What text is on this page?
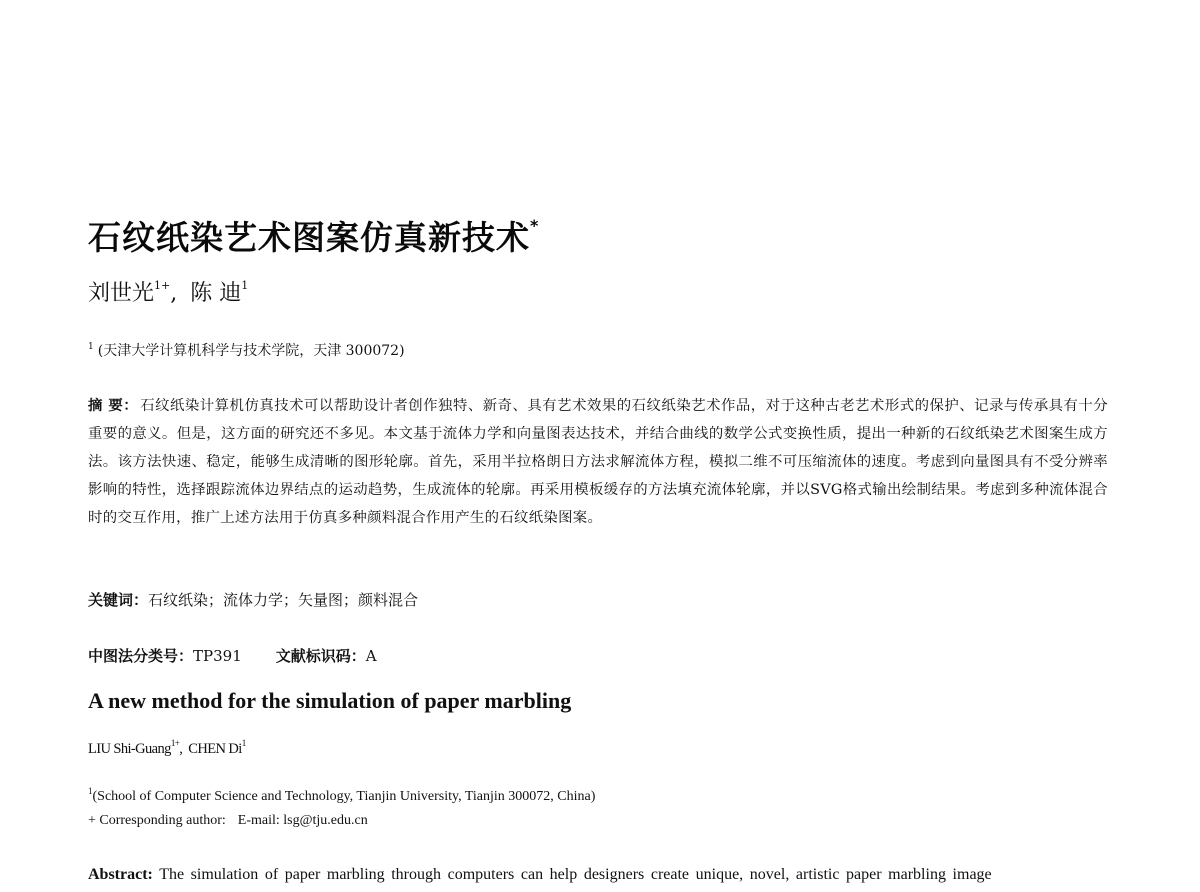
石纹纸染艺术图案仿真新技术*
刘世光$^{1+}$, 陈 迪$^1$
$^1$ (天津大学计算机科学与技术学院，天津 300072)
摘 要： 石纹纸染计算机仿真技术可以帮助设计者创作独特、新奇、具有艺术效果的石纹纸染艺术作品，对于这种古老艺术形式的保护、记录与传承具有十分重要的意义。但是，这方面的研究还不多见。本文基于流体力学和向量图表达技术，并结合曲线的数学公式变换性质，提出一种新的石纹纸染艺术图案生成方法。该方法快速、稳定，能够生成清晰的图形轮廓。首先，采用半拉格朗日方法求解流体方程，模拟二维不可压缩流体的速度。考虑到向量图具有不受分辨率影响的特性，选择跟踪流体边界结点的运动趋势，生成流体的轮廓。再采用模板缓存的方法填充流体轮廓，并以SVG格式输出绘制结果。考虑到多种流体混合时的交互作用，推广上述方法用于仿真多种颜料混合作用产生的石纹纸染图案。
关键词：石纹纸染；流体力学；矢量图；颜料混合
中图法分类号：TP391 文献标识码：A
A new method for the simulation of paper marbling
LIU Shi-Guang$^{1+}$,  CHEN Di$^1$
$^1$(School of Computer Science and Technology, Tianjin University, Tianjin 300072, China)
+ Corresponding author: E-mail: lsg@tju.edu.cn
Abstract: The simulation of paper marbling through computers can help designers create unique, novel, artistic paper marbling image
